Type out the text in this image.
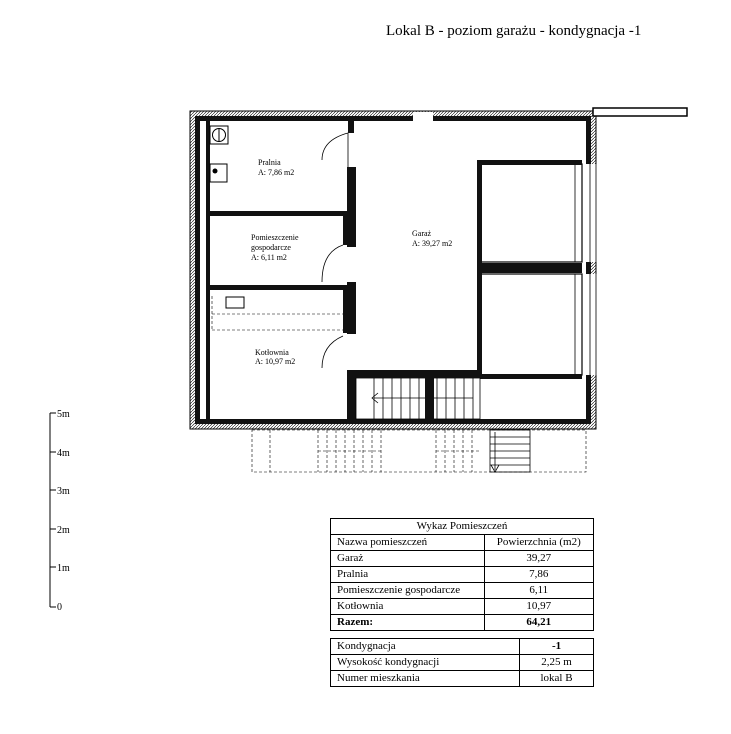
Lokal B - poziom garażu - kondygnacja -1
Pralnia
A: 7,86 m2
Pomieszczenie
gospodarcze
A: 6,11 m2
Kotłownia
A: 10,97 m2
Garaż
A: 39,27 m2
5m
4m
3m
2m
1m
0
Wykaz Pomieszczeń	
Nazwa pomieszczeń	Powierzchnia (m2)
Garaż	39,27
Pralnia	7,86
Pomieszczenie gospodarcze	6,11
Kotłownia	10,97
Razem:	64,21
Kondygnacja	-1
Wysokość kondygnacji	2,25 m
Numer mieszkania	lokal B
